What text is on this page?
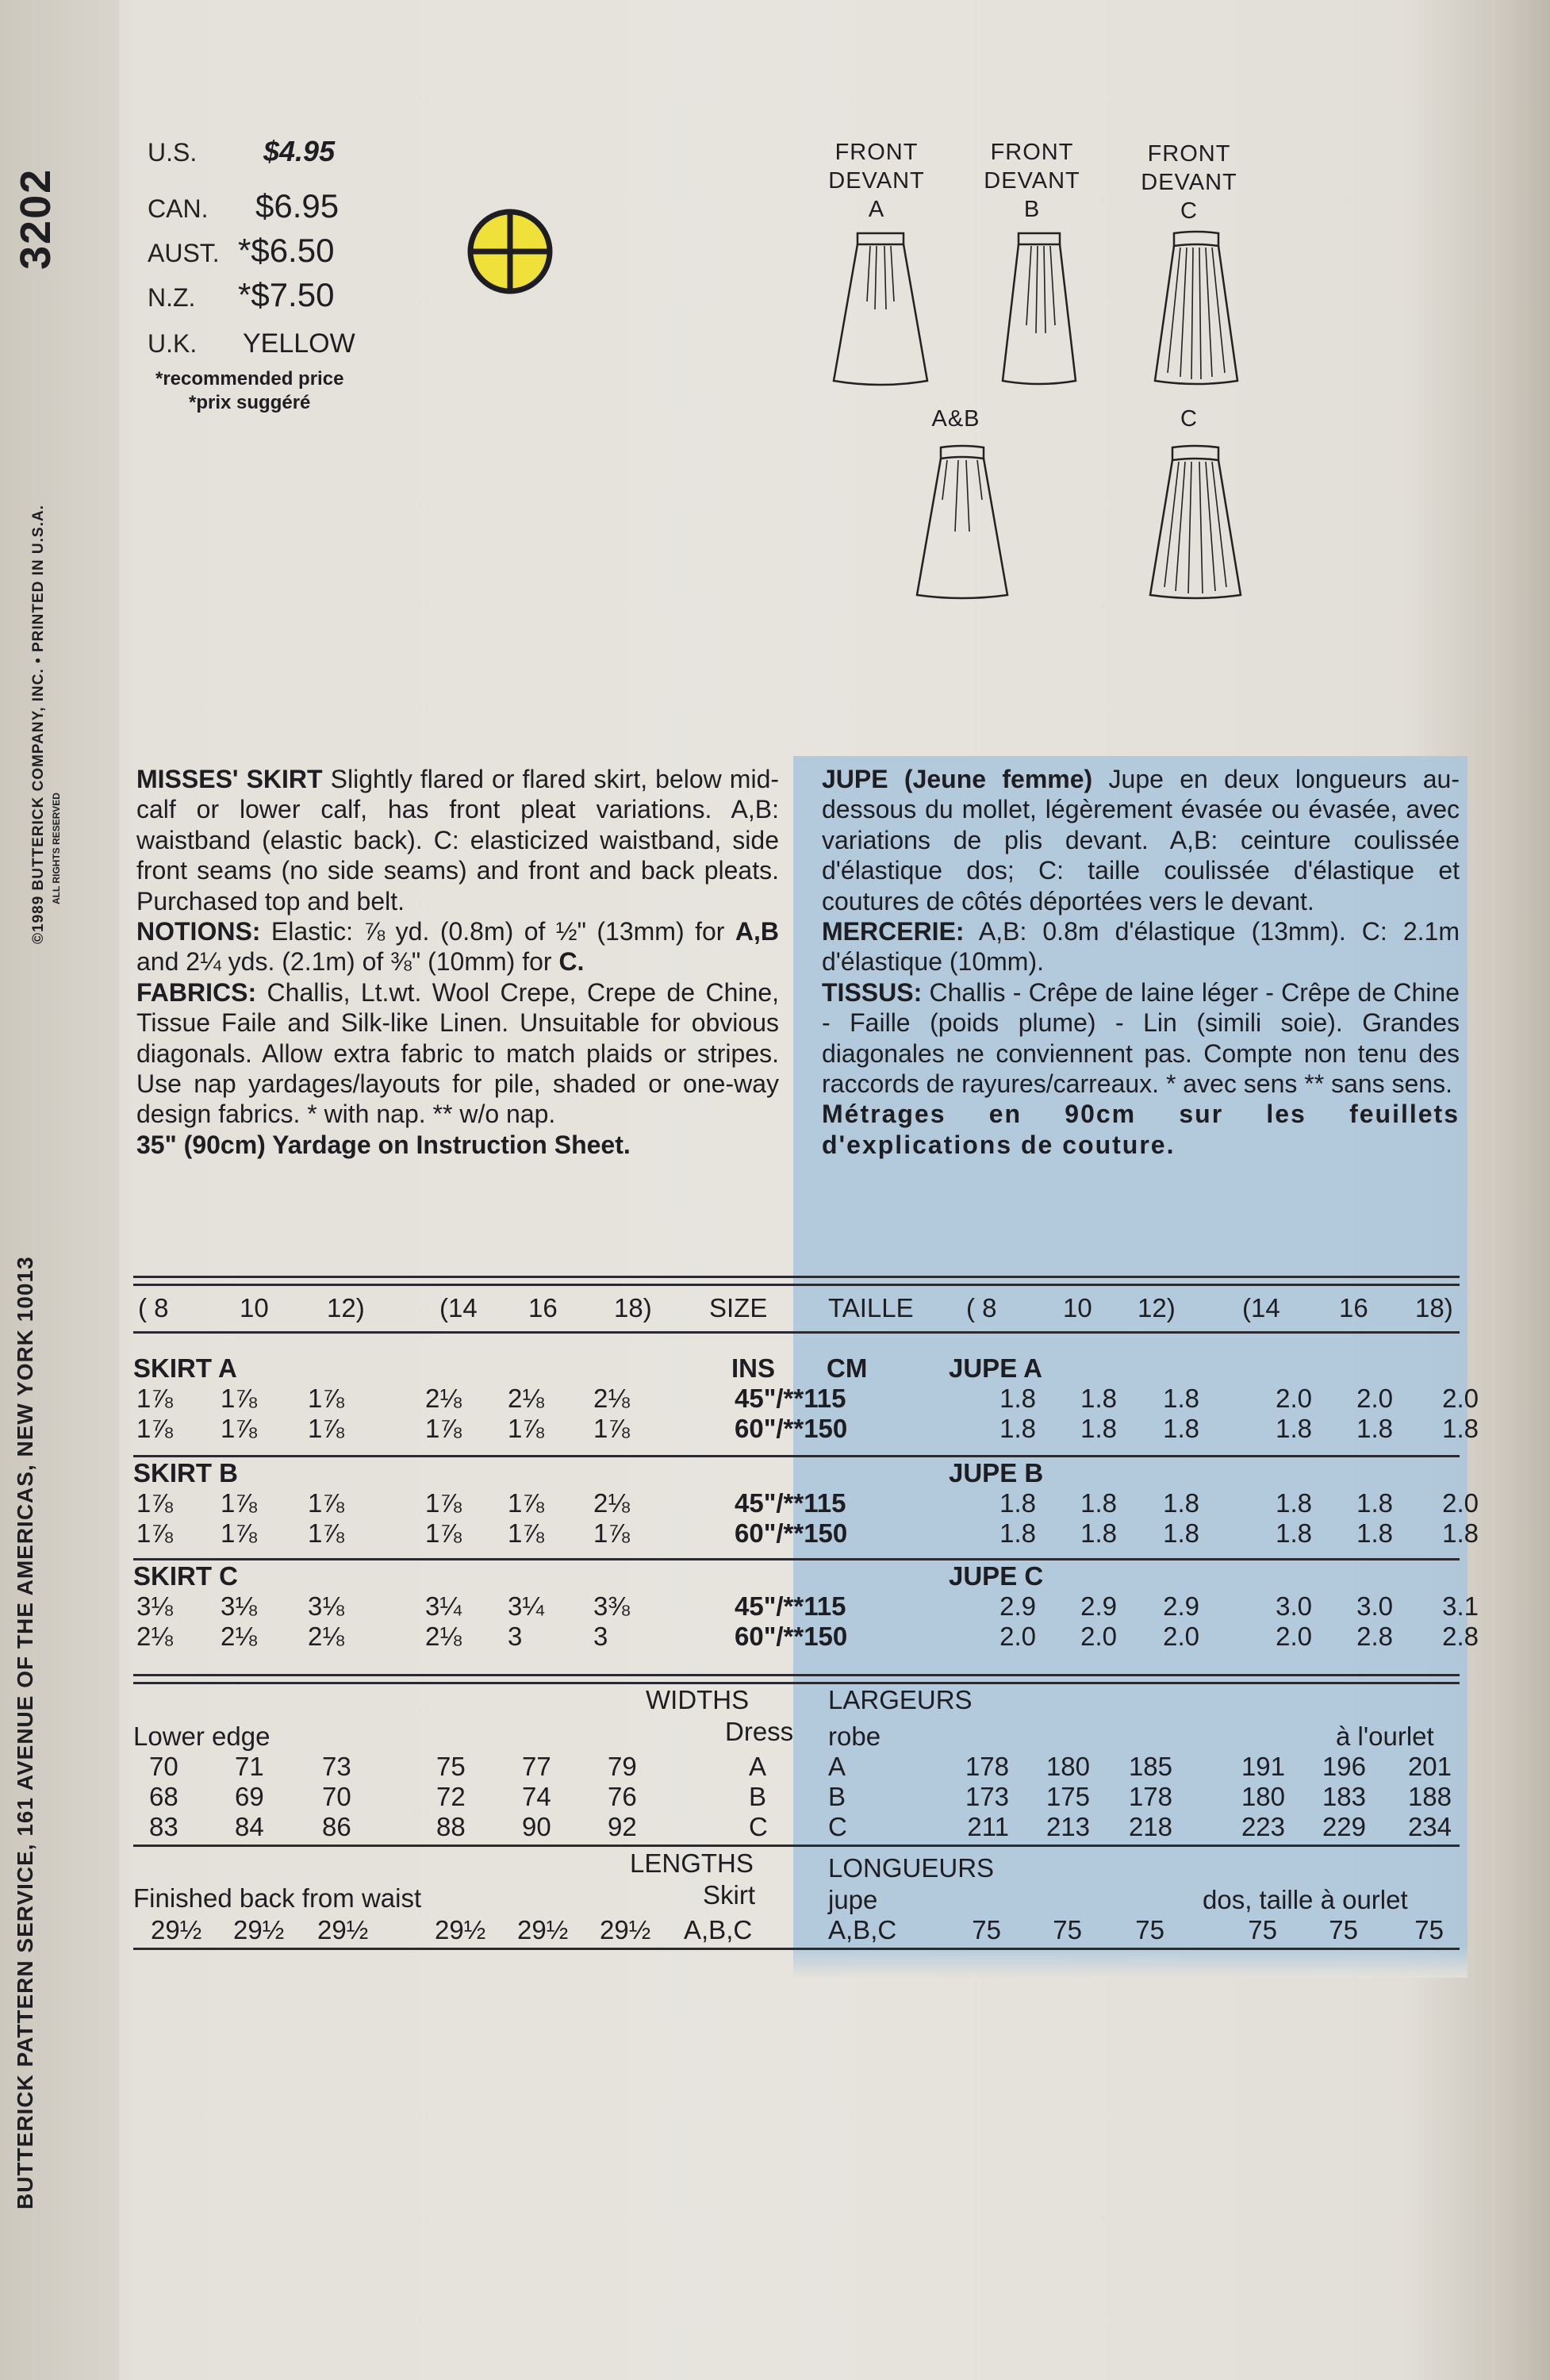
3202
©1989 BUTTERICK COMPANY, INC. • PRINTED IN U.S.A. ALL RIGHTS RESERVED
BUTTERICK PATTERN SERVICE, 161 AVENUE OF THE AMERICAS, NEW YORK 10013
U.S.	$4.95
CAN.	$6.95
AUST. *$6.50
N.Z.	*$7.50
U.K.	YELLOW
*recommended price
*prix suggéré
FRONT
DEVANT
A
FRONT
DEVANT
B
FRONT
DEVANT
C
A&B	C

MISSES' SKIRT Slightly flared or flared skirt, below mid-calf or lower calf, has front pleat variations. A,B: waistband (elastic back). C: elasticized waistband, side front seams (no side seams) and front and back pleats. Purchased top and belt.

NOTIONS: Elastic: ⅞ yd. (0.8m) of ½" (13mm) for A,B and 2¼ yds. (2.1m) of ⅜" (10mm) for C.

FABRICS: Challis, Lt.wt. Wool Crepe, Crepe de Chine, Tissue Faile and Silk-like Linen. Unsuitable for obvious diagonals. Allow extra fabric to match plaids or stripes. Use nap yardages/layouts for pile, shaded or one-way design fabrics. * with nap. ** w/o nap.

35" (90cm) Yardage on Instruction Sheet.

JUPE (Jeune femme) Jupe en deux longueurs au-dessous du mollet, légèrement évasée ou évasée, avec variations de plis devant. A,B: ceinture coulissée d'élastique dos; C: taille coulissée d'élastique et coutures de côtés déportées vers le devant.

MERCERIE: A,B: 0.8m d'élastique (13mm). C: 2.1m d'élastique (10mm).

TISSUS: Challis - Crêpe de laine léger - Crêpe de Chine - Faille (poids plume) - Lin (simili soie). Grandes diagonales ne conviennent pas. Compte non tenu des raccords de rayures/carreaux. * avec sens ** sans sens.

Métrages en 90cm sur les feuillets d'explications de couture.

( 8	10 12)	(14 16 18) SIZE TAILLE ( 8	10 12)	(14 16 18)
SKIRT A	JUPE A
INS CM
1⅞	1⅞	1⅞	2⅛	2⅛	2⅛	45"/**115	1.8	1.8	1.8	2.0	2.0	2.0
1⅞	1⅞	1⅞	1⅞	1⅞	1⅞	60"/**150	1.8	1.8	1.8	1.8	1.8	1.8
SKIRT B	JUPE B
1⅞	1⅞	1⅞	1⅞	1⅞	2⅛	45"/**115	1.8	1.8	1.8	1.8	1.8	2.0
1⅞	1⅞	1⅞	1⅞	1⅞	1⅞	60"/**150	1.8	1.8	1.8	1.8	1.8	1.8
SKIRT C	JUPE C
3⅛	3⅛	3⅛	3¼	3¼	3⅜	45"/**115	2.9	2.9	2.9	3.0	3.0	3.1
2⅛	2⅛	2⅛	2⅛	3	3	60"/**150	2.0	2.0	2.0	2.0	2.8	2.8
WIDTHS	LARGEURS
Dress robe
Lower edge	à l'ourlet
70 71 73	75 77 79	A A	178	180	185	191	196	201
68 69 70	72 74 76	B B	173	175	178	180	183	188
83 84 86	88 90 92	C C	211	213	218	223	229	234
LENGTHS	LONGUEURS
Skirt	jupe
Finished back from waist	dos, taille à ourlet
29½ 29½ 29½	29½ 29½ 29½ A,B,C	A,B,C	75	75	75	75	75	75
